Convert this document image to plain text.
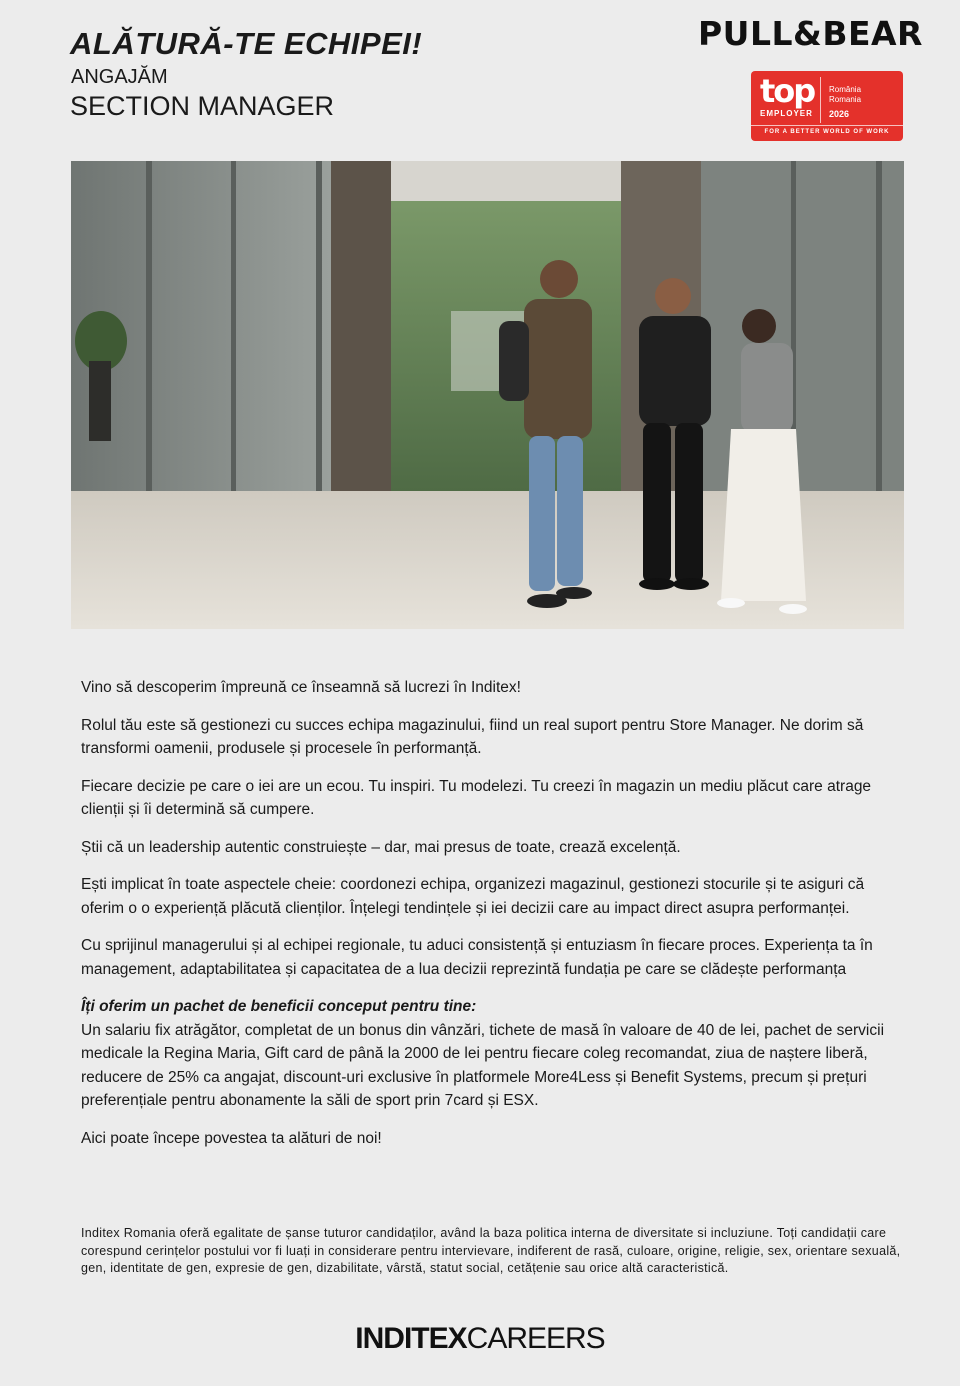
ALĂTURĂ-TE ECHIPEI!
ANGAJĂM
SECTION MANAGER
PULL&BEAR
top
EMPLOYER
România
Romania
2026
FOR A BETTER WORLD OF WORK

Vino să descoperim împreună ce înseamnă să lucrezi în Inditex!

Rolul tău este să gestionezi cu succes echipa magazinului, fiind un real suport pentru Store Manager. Ne dorim să transformi oamenii, produsele și procesele în performanță.

Fiecare decizie pe care o iei are un ecou. Tu inspiri. Tu modelezi. Tu creezi în magazin un mediu plăcut care atrage clienții și îi determină să cumpere.

Știi că un leadership autentic construiește – dar, mai presus de toate, crează excelență.

Ești implicat în toate aspectele cheie: coordonezi echipa, organizezi magazinul, gestionezi stocurile și te asiguri că oferim o o experiență plăcută clienților. Înțelegi tendințele și iei decizii care au impact direct asupra performanței.

Cu sprijinul managerului și al echipei regionale, tu aduci consistență și entuziasm în fiecare proces. Experiența ta în management, adaptabilitatea și capacitatea de a lua decizii reprezintă fundația pe care se clădește performanța

Îți oferim un pachet de beneficii conceput pentru tine:

Un salariu fix atrăgător, completat de un bonus din vânzări, tichete de masă în valoare de 40 de lei, pachet de servicii medicale la Regina Maria, Gift card de până la 2000 de lei pentru fiecare coleg recomandat, ziua de naștere liberă, reducere de 25% ca angajat, discount-uri exclusive în platformele More4Less și Benefit Systems, precum și prețuri preferențiale pentru abonamente la săli de sport prin 7card și ESX.

Aici poate începe povestea ta alături de noi!

Inditex Romania oferă egalitate de șanse tuturor candidaților, având la baza politica interna de diversitate si incluziune. Toți candidații care corespund cerințelor postului vor fi luați in considerare pentru intervievare, indiferent de rasă, culoare, origine, religie, sex, orientare sexuală, gen, identitate de gen, expresie de gen, dizabilitate, vârstă, statut social, cetățenie sau orice altă caracteristică.
INDITEXCAREERS
